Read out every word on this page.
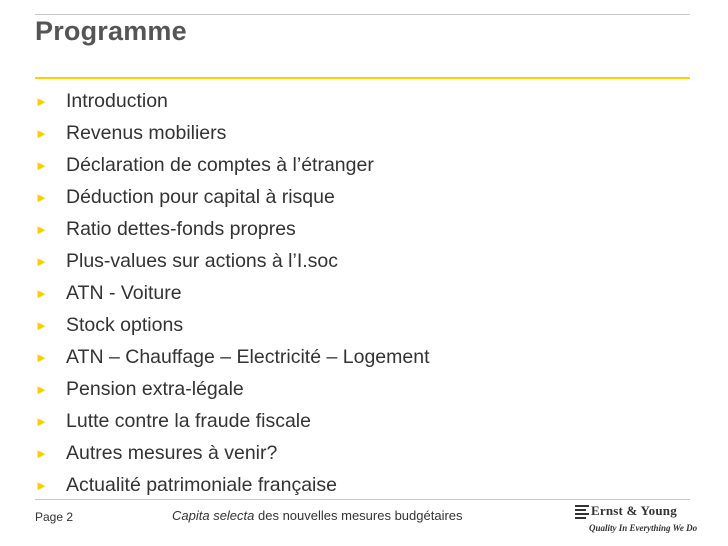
Programme
► Introduction
► Revenus mobiliers
► Déclaration de comptes à l’étranger
► Déduction pour capital à risque
► Ratio dettes-fonds propres
► Plus-values sur actions à l’I.soc
► ATN - Voiture
► Stock options
► ATN – Chauffage – Electricité – Logement
► Pension extra-légale
► Lutte contre la fraude fiscale
► Autres mesures à venir?
► Actualité patrimoniale française
Page 2	Capita selecta des nouvelles mesures budgétaires	Ernst & Young
Quality In Everything We Do
